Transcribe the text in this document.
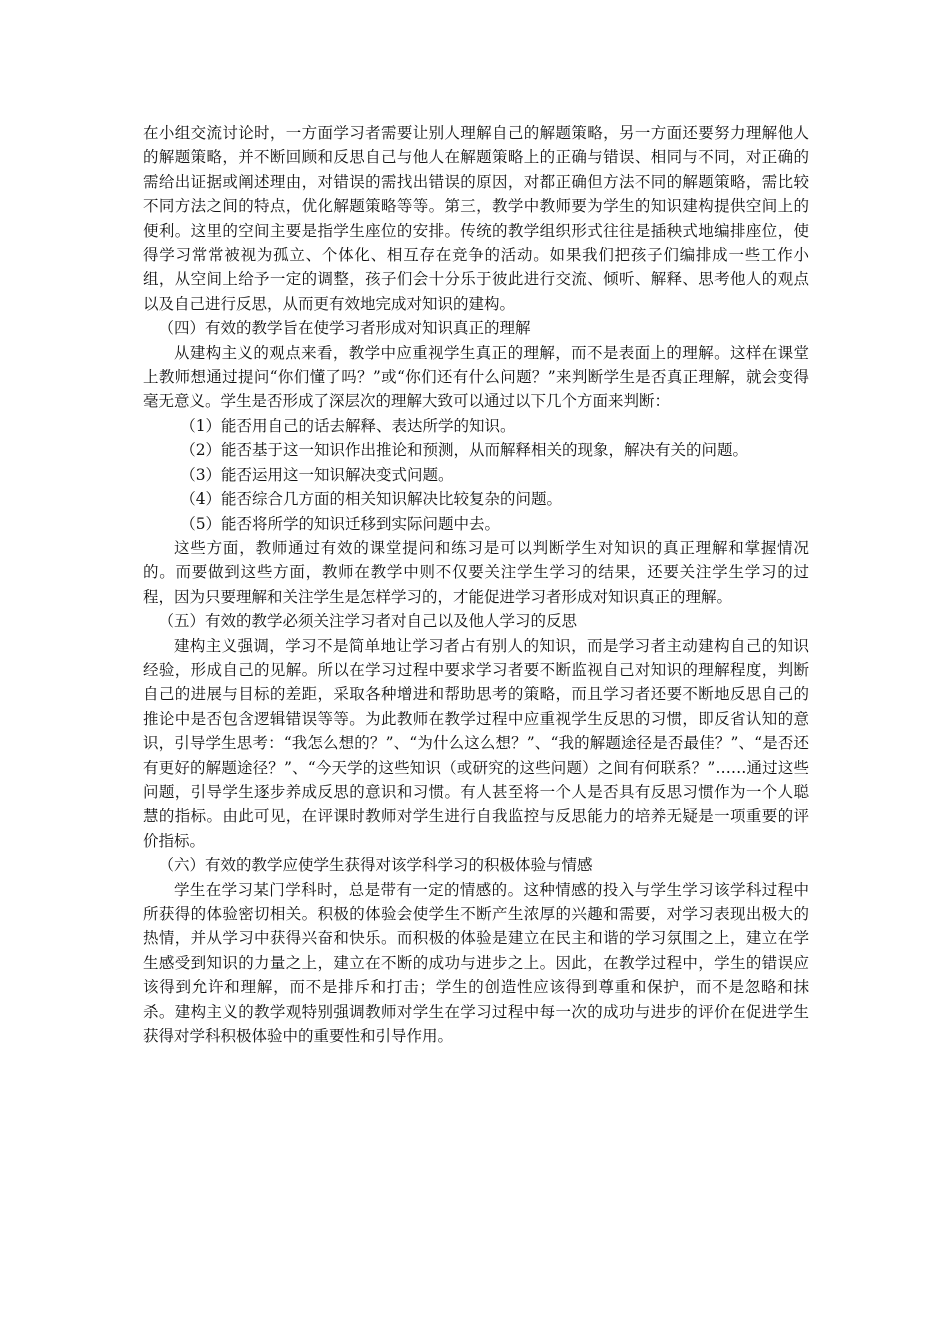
在小组交流讨论时，一方面学习者需要让别人理解自己的解题策略，另一方面还要努力理解他人的解题策略，并不断回顾和反思自己与他人在解题策略上的正确与错误、相同与不同，对正确的需给出证据或阐述理由，对错误的需找出错误的原因，对都正确但方法不同的解题策略，需比较不同方法之间的特点，优化解题策略等等。第三，教学中教师要为学生的知识建构提供空间上的便利。这里的空间主要是指学生座位的安排。传统的教学组织形式往往是插秧式地编排座位，使得学习常常被视为孤立、个体化、相互存在竞争的活动。如果我们把孩子们编排成一些工作小组，从空间上给予一定的调整，孩子们会十分乐于彼此进行交流、倾听、解释、思考他人的观点以及自己进行反思，从而更有效地完成对知识的建构。

（四）有效的教学旨在使学习者形成对知识真正的理解

从建构主义的观点来看，教学中应重视学生真正的理解，而不是表面上的理解。这样在课堂上教师想通过提问“你们懂了吗？”或“你们还有什么问题？”来判断学生是否真正理解，就会变得毫无意义。学生是否形成了深层次的理解大致可以通过以下几个方面来判断：

（1）能否用自己的话去解释、表达所学的知识。

（2）能否基于这一知识作出推论和预测，从而解释相关的现象，解决有关的问题。

（3）能否运用这一知识解决变式问题。

（4）能否综合几方面的相关知识解决比较复杂的问题。

（5）能否将所学的知识迁移到实际问题中去。

这些方面，教师通过有效的课堂提问和练习是可以判断学生对知识的真正理解和掌握情况的。而要做到这些方面，教师在教学中则不仅要关注学生学习的结果，还要关注学生学习的过程，因为只要理解和关注学生是怎样学习的，才能促进学习者形成对知识真正的理解。

（五）有效的教学必须关注学习者对自己以及他人学习的反思

建构主义强调，学习不是简单地让学习者占有别人的知识，而是学习者主动建构自己的知识经验，形成自己的见解。所以在学习过程中要求学习者要不断监视自己对知识的理解程度，判断自己的进展与目标的差距，采取各种增进和帮助思考的策略，而且学习者还要不断地反思自己的推论中是否包含逻辑错误等等。为此教师在教学过程中应重视学生反思的习惯，即反省认知的意识，引导学生思考：“我怎么想的？”、“为什么这么想？”、“我的解题途径是否最佳？”、“是否还有更好的解题途径？”、“今天学的这些知识（或研究的这些问题）之间有何联系？”……通过这些问题，引导学生逐步养成反思的意识和习惯。有人甚至将一个人是否具有反思习惯作为一个人聪慧的指标。由此可见，在评课时教师对学生进行自我监控与反思能力的培养无疑是一项重要的评价指标。

（六）有效的教学应使学生获得对该学科学习的积极体验与情感

学生在学习某门学科时，总是带有一定的情感的。这种情感的投入与学生学习该学科过程中所获得的体验密切相关。积极的体验会使学生不断产生浓厚的兴趣和需要，对学习表现出极大的热情，并从学习中获得兴奋和快乐。而积极的体验是建立在民主和谐的学习氛围之上，建立在学生感受到知识的力量之上，建立在不断的成功与进步之上。因此，在教学过程中，学生的错误应该得到允许和理解，而不是排斥和打击；学生的创造性应该得到尊重和保护，而不是忽略和抹杀。建构主义的教学观特别强调教师对学生在学习过程中每一次的成功与进步的评价在促进学生获得对学科积极体验中的重要性和引导作用。
